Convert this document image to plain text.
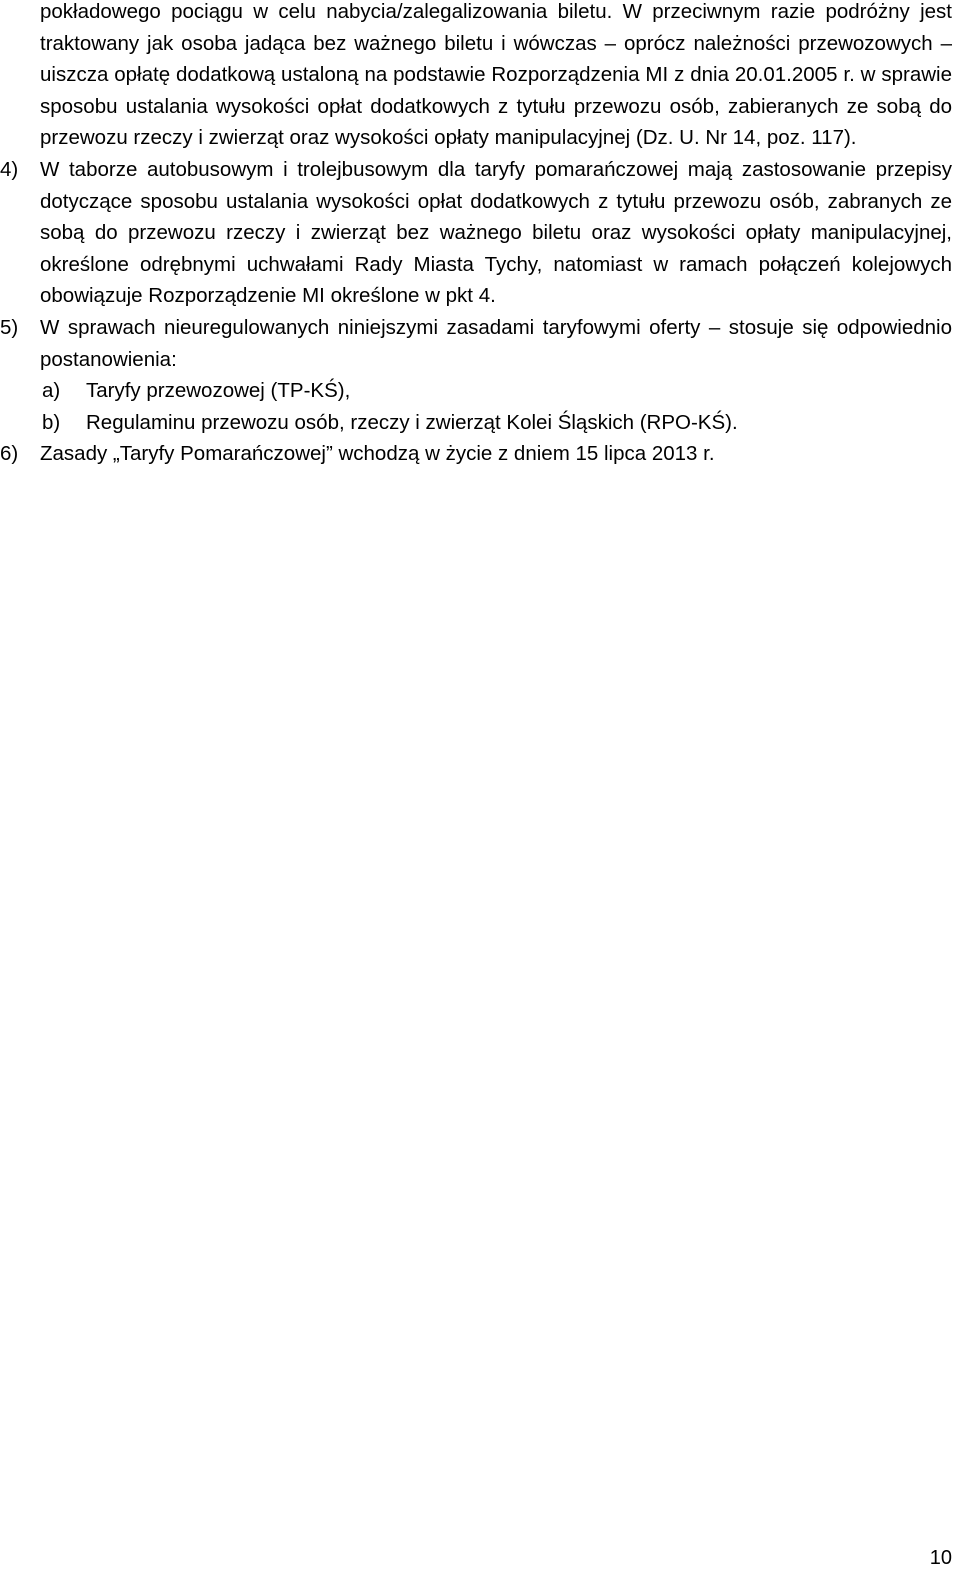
pokładowego pociągu w celu nabycia/zalegalizowania biletu. W przeciwnym razie podróżny jest traktowany jak osoba jadąca bez ważnego biletu i wówczas – oprócz należności przewozowych – uiszcza opłatę dodatkową ustaloną na podstawie Rozporządzenia MI z dnia 20.01.2005 r. w sprawie sposobu ustalania wysokości opłat dodatkowych z tytułu przewozu osób, zabieranych ze sobą do przewozu rzeczy i zwierząt oraz wysokości opłaty manipulacyjnej (Dz. U. Nr 14, poz. 117).
4) W taborze autobusowym i trolejbusowym dla taryfy pomarańczowej mają zastosowanie przepisy dotyczące sposobu ustalania wysokości opłat dodatkowych z tytułu przewozu osób, zabranych ze sobą do przewozu rzeczy i zwierząt bez ważnego biletu oraz wysokości opłaty manipulacyjnej, określone odrębnymi uchwałami Rady Miasta Tychy, natomiast w ramach połączeń kolejowych obowiązuje Rozporządzenie MI określone w pkt 4.
5) W sprawach nieuregulowanych niniejszymi zasadami taryfowymi oferty – stosuje się odpowiednio postanowienia:
a) Taryfy przewozowej (TP-KŚ),
b) Regulaminu przewozu osób, rzeczy i zwierząt Kolei Śląskich (RPO-KŚ).
6) Zasady „Taryfy Pomarańczowej” wchodzą w życie z dniem 15 lipca 2013 r.
10
